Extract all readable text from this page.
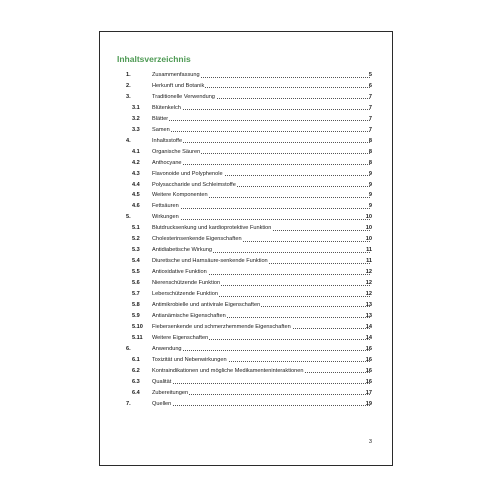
Inhaltsverzeichnis
1.	Zusammenfassung	5
2.	Herkunft und Botanik	6
3.	Traditionelle Verwendung	7
3.1 Blütenkelch	7
3.2 Blätter	7
3.3 Samen	7
4.	Inhaltsstoffe	8
4.1 Organische Säuren	8
4.2 Anthocyane	8
4.3 Flavonoide und Polyphenole	9
4.4 Polysaccharide und Schleimstoffe	9
4.5 Weitere Komponenten	9
4.6 Fettsäuren	9
5.	Wirkungen	10
5.1 Blutdrucksenkung und kardioprotektive Funktion	10
5.2 Cholesterinsenkende Eigenschaften	10
5.3 Antidiabetische Wirkung	11
5.4 Diuretische und Harnsäure-senkende Funktion	11
5.5 Antioxidative Funktion	12
5.6 Nierenschützende Funktion	12
5.7 Leberschützende Funktion	12
5.8 Antimikrobielle und antivirale Eigenschaften	13
5.9 Antianämische Eigenschaften	13
5.10 Fiebersenkende und schmerzhemmende Eigenschaften	14
5.11 Weitere Eigenschaften	14
6.	Anwendung	16
6.1 Toxizität und Nebenwirkungen	16
6.2 Kontraindikationen und mögliche Medikamenteninteraktionen	16
6.3 Qualität	16
6.4 Zubereitungen	17
7.	Quellen	19
3
